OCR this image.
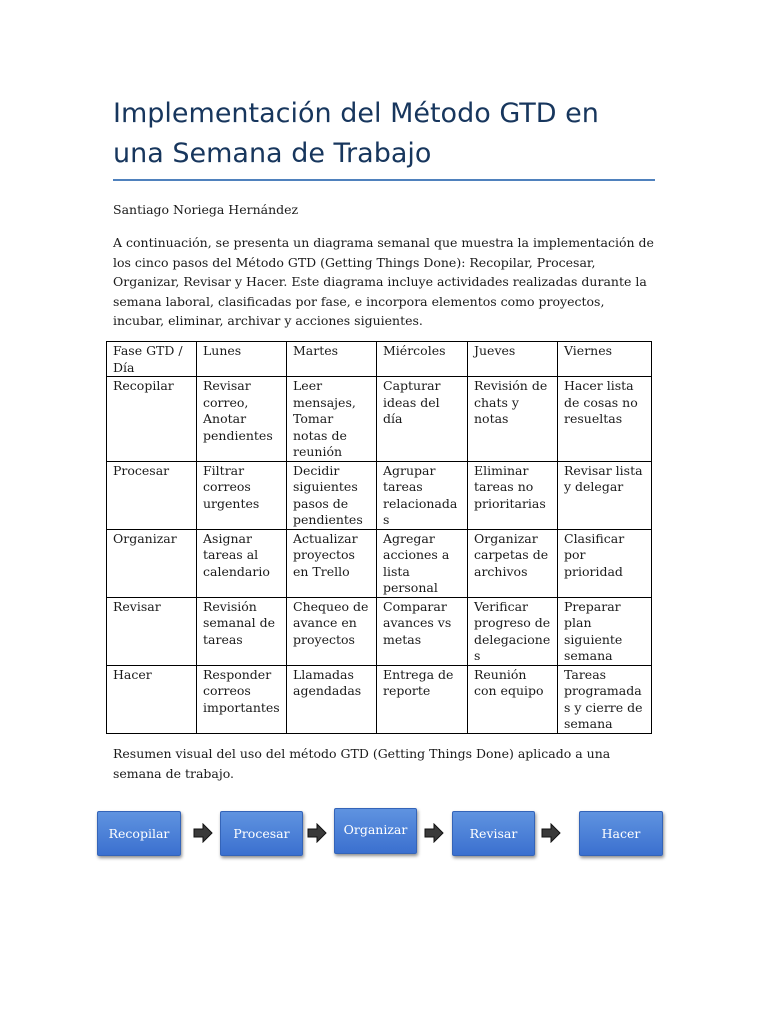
Implementación del Método GTD en una Semana de Trabajo
Santiago Noriega Hernández

A continuación, se presenta un diagrama semanal que muestra la implementación de los cinco pasos del Método GTD (Getting Things Done): Recopilar, Procesar, Organizar, Revisar y Hacer. Este diagrama incluye actividades realizadas durante la semana laboral, clasificadas por fase, e incorpora elementos como proyectos, incubar, eliminar, archivar y acciones siguientes.

Fase GTD / Día	Lunes	Martes	Miércoles	Jueves	Viernes
Recopilar	Revisar correo, Anotar pendientes	Leer mensajes, Tomar notas de reunión	Capturar ideas del día	Revisión de chats y notas	Hacer lista de cosas no resueltas
Procesar	Filtrar correos urgentes	Decidir siguientes pasos de pendientes	Agrupar tareas relacionadas	Eliminar tareas no prioritarias	Revisar lista y delegar
Organizar	Asignar tareas al calendario	Actualizar proyectos en Trello	Agregar acciones a lista personal	Organizar carpetas de archivos	Clasificar por prioridad
Revisar	Revisión semanal de tareas	Chequeo de avance en proyectos	Comparar avances vs metas	Verificar progreso de delegaciones	Preparar plan siguiente semana
Hacer	Responder correos importantes	Llamadas agendadas	Entrega de reporte	Reunión con equipo	Tareas programadas y cierre de semana

Resumen visual del uso del método GTD (Getting Things Done) aplicado a una semana de trabajo.

Recopilar	Procesar	Organizar	Revisar	Hacer
